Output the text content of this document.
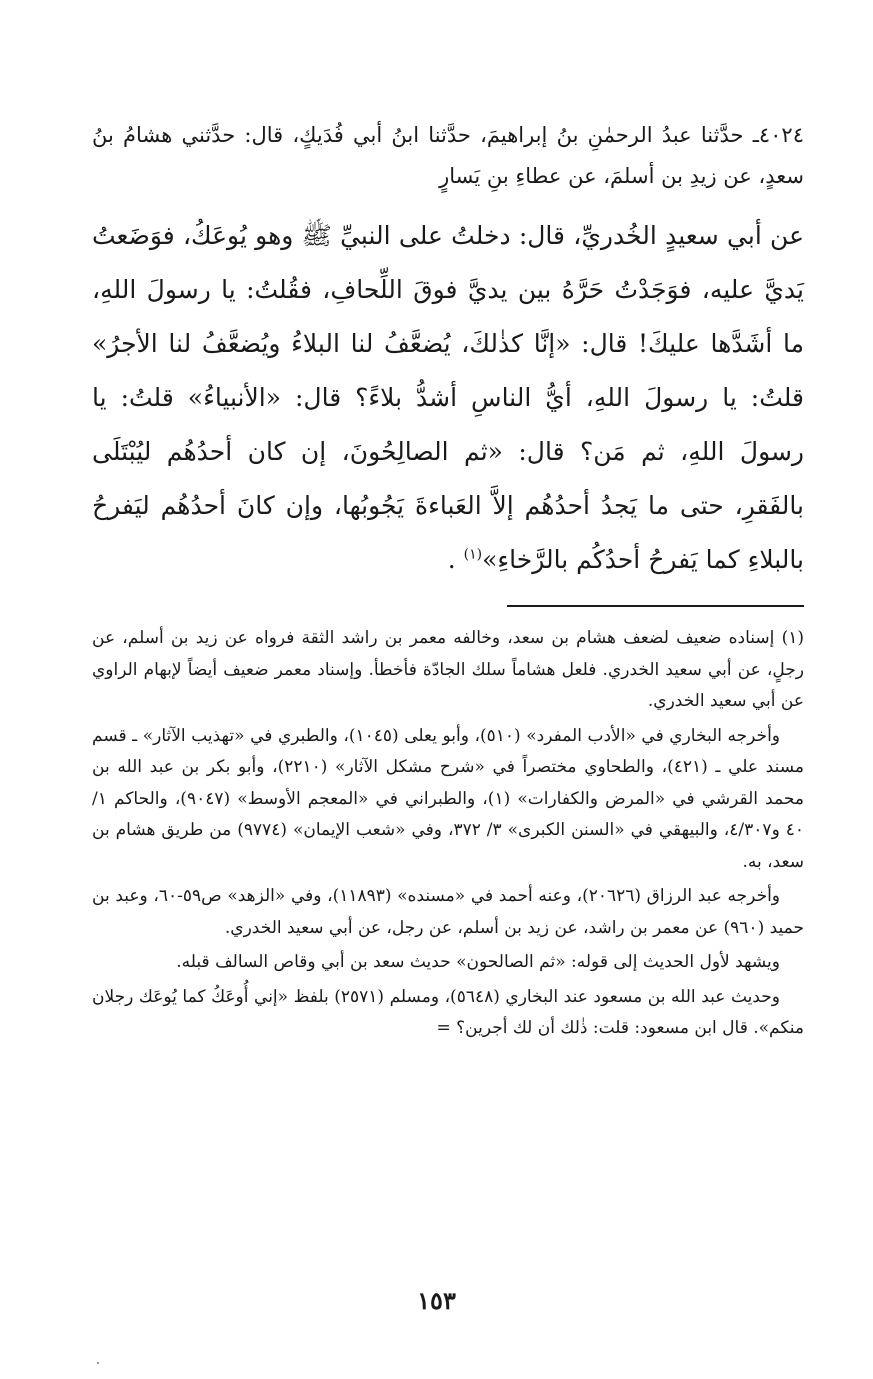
٤٠٢٤ـ حدَّثنا عبدُ الرحمٰنِ بنُ إبراهيمَ، حدَّثنا ابنُ أبي فُدَيكٍ، قال: حدَّثني هشامُ بنُ سعدٍ، عن زيدِ بن أسلمَ، عن عطاءِ بنِ يَسارٍ

عن أبي سعيدٍ الخُدريِّ، قال: دخلتُ على النبيِّ ﷺ وهو يُوعَكُ، فوَضَعتُ يَديَّ عليه، فوَجَدْتُ حَرَّهُ بين يديَّ فوقَ اللِّحافِ، فقُلتُ: يا رسولَ اللهِ، ما أشَدَّها عليكَ! قال: «إنَّا كذٰلكَ، يُضعَّفُ لنا البلاءُ ويُضعَّفُ لنا الأجرُ» قلتُ: يا رسولَ اللهِ، أيُّ الناسِ أشدُّ بلاءً؟ قال: «الأنبياءُ» قلتُ: يا رسولَ اللهِ، ثم مَن؟ قال: «ثم الصالِحُونَ، إن كان أحدُهُم ليُبْتَلَى بالفَقرِ، حتى ما يَجدُ أحدُهُم إلاَّ العَباءةَ يَجُوبُها، وإن كانَ أحدُهُم ليَفرحُ بالبلاءِ كما يَفرحُ أحدُكُم بالرَّخاءِ»$^{(١)}$ .

(١) إسناده ضعيف لضعف هشام بن سعد، وخالفه معمر بن راشد الثقة فرواه عن زيد بن أسلم، عن رجلٍ، عن أبي سعيد الخدري. فلعل هشاماً سلك الجادّة فأخطأ. وإسناد معمر ضعيف أيضاً لإبهام الراوي عن أبي سعيد الخدري.

وأخرجه البخاري في «الأدب المفرد» (٥١٠)، وأبو يعلى (١٠٤٥)، والطبري في «تهذيب الآثار» ـ قسم مسند علي ـ (٤٢١)، والطحاوي مختصراً في «شرح مشكل الآثار» (٢٢١٠)، وأبو بكر بن عبد الله بن محمد القرشي في «المرض والكفارات» (١)، والطبراني في «المعجم الأوسط» (٩٠٤٧)، والحاكم ١/ ٤٠ و٤/٣٠٧، والبيهقي في «السنن الكبرى» ٣/ ٣٧٢، وفي «شعب الإيمان» (٩٧٧٤) من طريق هشام بن سعد، به.

وأخرجه عبد الرزاق (٢٠٦٢٦)، وعنه أحمد في «مسنده» (١١٨٩٣)، وفي «الزهد» ص٥٩-٦٠، وعبد بن حميد (٩٦٠) عن معمر بن راشد، عن زيد بن أسلم، عن رجل، عن أبي سعيد الخدري.

ويشهد لأول الحديث إلى قوله: «ثم الصالحون» حديث سعد بن أبي وقاص السالف قبله.

وحديث عبد الله بن مسعود عند البخاري (٥٦٤٨)، ومسلم (٢٥٧١) بلفظ «إني أُوعَكُ كما يُوعَك رجلان منكم». قال ابن مسعود: قلت: ذٰلك أن لك أجرين؟ =

١٥٣
